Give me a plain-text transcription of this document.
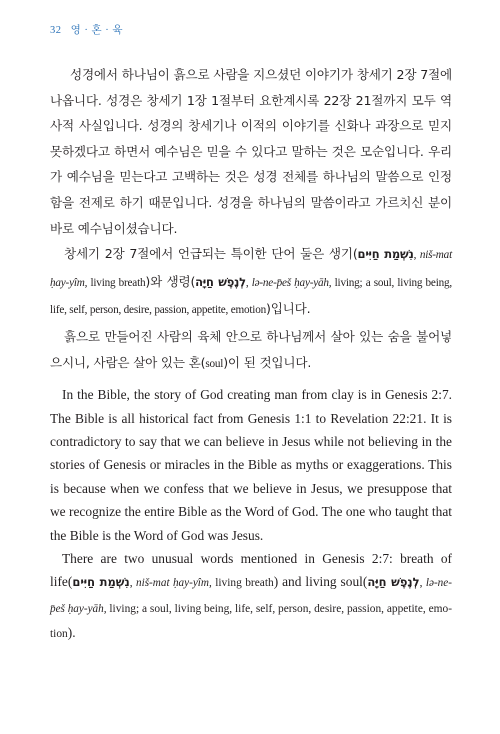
32 영 · 혼 · 육

성경에서 하나님이 흙으로 사람을 지으셨던 이야기가 창세기 2장 7절에 나옵니다. 성경은 창세기 1장 1절부터 요한계시록 22장 21절까지 모두 역사적 사실입니다. 성경의 창세기나 이적의 이야기를 신화나 과장으로 믿지 못하겠다고 하면서 예수님은 믿을 수 있다고 말하는 것은 모순입니다. 우리가 예수님을 믿는다고 고백하는 것은 성경 전체를 하나님의 말씀으로 인정함을 전제로 하기 때문입니다. 성경을 하나님의 말씀이라고 가르치신 분이 바로 예수님이셨습니다.

창세기 2장 7절에서 언급되는 특이한 단어 둘은 생기(נִשְׁמַת חַיִּים, niš-mat ḥay-yîm, living breath)와 생령(לְנֶפֶשׁ חַיָּה, lə-ne-p̄eš ḥay-yāh, living; a soul, living being, life, self, person, desire, passion, appetite, emotion)입니다.

흙으로 만들어진 사람의 육체 안으로 하나님께서 살아 있는 숨을 불어넣으시니, 사람은 살아 있는 혼(soul)이 된 것입니다.

In the Bible, the story of God creating man from clay is in Genesis 2:7. The Bible is all historical fact from Genesis 1:1 to Revelation 22:21. It is contradictory to say that we can believe in Jesus while not believing in the stories of Genesis or miracles in the Bible as myths or exaggerations. This is because when we confess that we believe in Jesus, we presuppose that we recognize the entire Bible as the Word of God. The one who taught that the Bible is the Word of God was Jesus.

There are two unusual words mentioned in Genesis 2:7: breath of life(נִשְׁמַת חַיִּים, niš-mat ḥay-yîm, living breath) and living soul(לְנֶפֶשׁ חַיָּה, lə-ne-p̄eš ḥay-yāh, living; a soul, living being, life, self, person, desire, passion, appetite, emotion).
